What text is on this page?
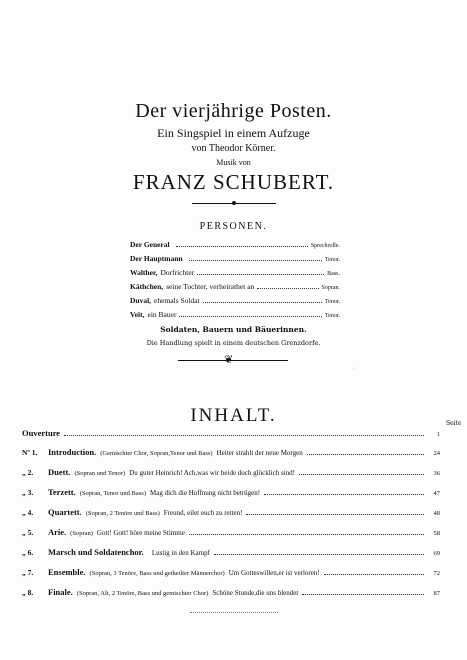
Der vierjährige Posten.
Ein Singspiel in einem Aufzuge
von Theodor Körner.
Musik von
FRANZ SCHUBERT.
PERSONEN.
Der General	Sprechrolle.
Der Hauptmann	Tenor.
Walther, Dorfrichter	Bass.
Käthchen, seine Tochter, verheirathet an	Sopran.
Duval, ehemals Soldat	Tenor.
Veit, ein Bauer	Tenor.
Soldaten, Bauern und Bäuerinnen.
Die Handlung spielt in einem deutschen Grenzdorfe.
❦
◦
INHALT.	Seite
Ouverture	1
Nº 1.	Introduction. (Gemischter Chor, Sopran,Tenor und Bass) Heiter strahlt der neue Morgen	24
„ 2.	Duett. (Sopran und Tenor) Du guter Heinrich! Ach,was wir beide doch glücklich sind!	36
„ 3.	Terzett. (Sopran, Tenor und Bass) Mag dich die Hoffnung nicht betrügen!	47
„ 4.	Quartett. (Sopran, 2 Tenöre und Bass) Freund, eilet euch zu retten!	48
„ 5.	Arie. (Sopran) Gott! Gott! höre meine Stimme	58
„ 6.	Marsch und Soldatenchor. Lustig in den Kampf	69
„ 7.	Ensemble. (Sopran, 3 Tenöre, Bass und getheilter Männerchor) Um Gotteswillen,er ist verloren!	72
„ 8.	Finale. (Sopran, Alt, 2 Tenöre, Bass und gemischter Chor) Schöne Stunde,die uns blendet	87
